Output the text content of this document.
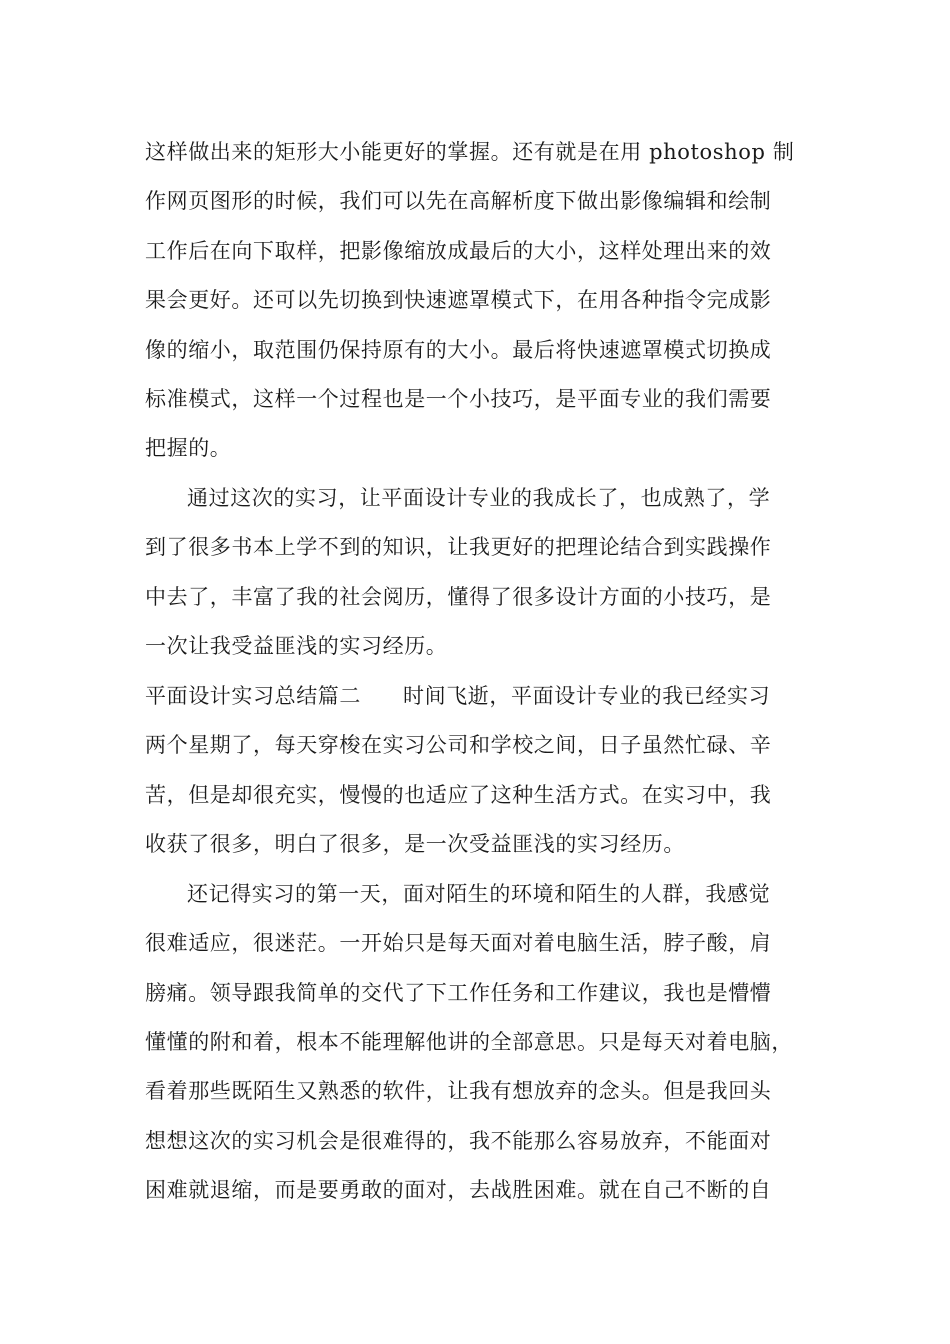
这样做出来的矩形大小能更好的掌握。还有就是在用 photoshop 制
作网页图形的时候，我们可以先在高解析度下做出影像编辑和绘制
工作后在向下取样，把影像缩放成最后的大小，这样处理出来的效
果会更好。还可以先切换到快速遮罩模式下，在用各种指令完成影
像的缩小，取范围仍保持原有的大小。最后将快速遮罩模式切换成
标准模式，这样一个过程也是一个小技巧，是平面专业的我们需要
把握的。
通过这次的实习，让平面设计专业的我成长了，也成熟了，学
到了很多书本上学不到的知识，让我更好的把理论结合到实践操作
中去了，丰富了我的社会阅历，懂得了很多设计方面的小技巧，是
一次让我受益匪浅的实习经历。
平面设计实习总结篇二 时间飞逝，平面设计专业的我已经实习
两个星期了，每天穿梭在实习公司和学校之间，日子虽然忙碌、辛
苦，但是却很充实，慢慢的也适应了这种生活方式。在实习中，我
收获了很多，明白了很多，是一次受益匪浅的实习经历。
还记得实习的第一天，面对陌生的环境和陌生的人群，我感觉
很难适应，很迷茫。一开始只是每天面对着电脑生活，脖子酸，肩
膀痛。领导跟我简单的交代了下工作任务和工作建议，我也是懵懵
懂懂的附和着，根本不能理解他讲的全部意思。只是每天对着电脑，
看着那些既陌生又熟悉的软件，让我有想放弃的念头。但是我回头
想想这次的实习机会是很难得的，我不能那么容易放弃，不能面对
困难就退缩，而是要勇敢的面对，去战胜困难。就在自己不断的自
